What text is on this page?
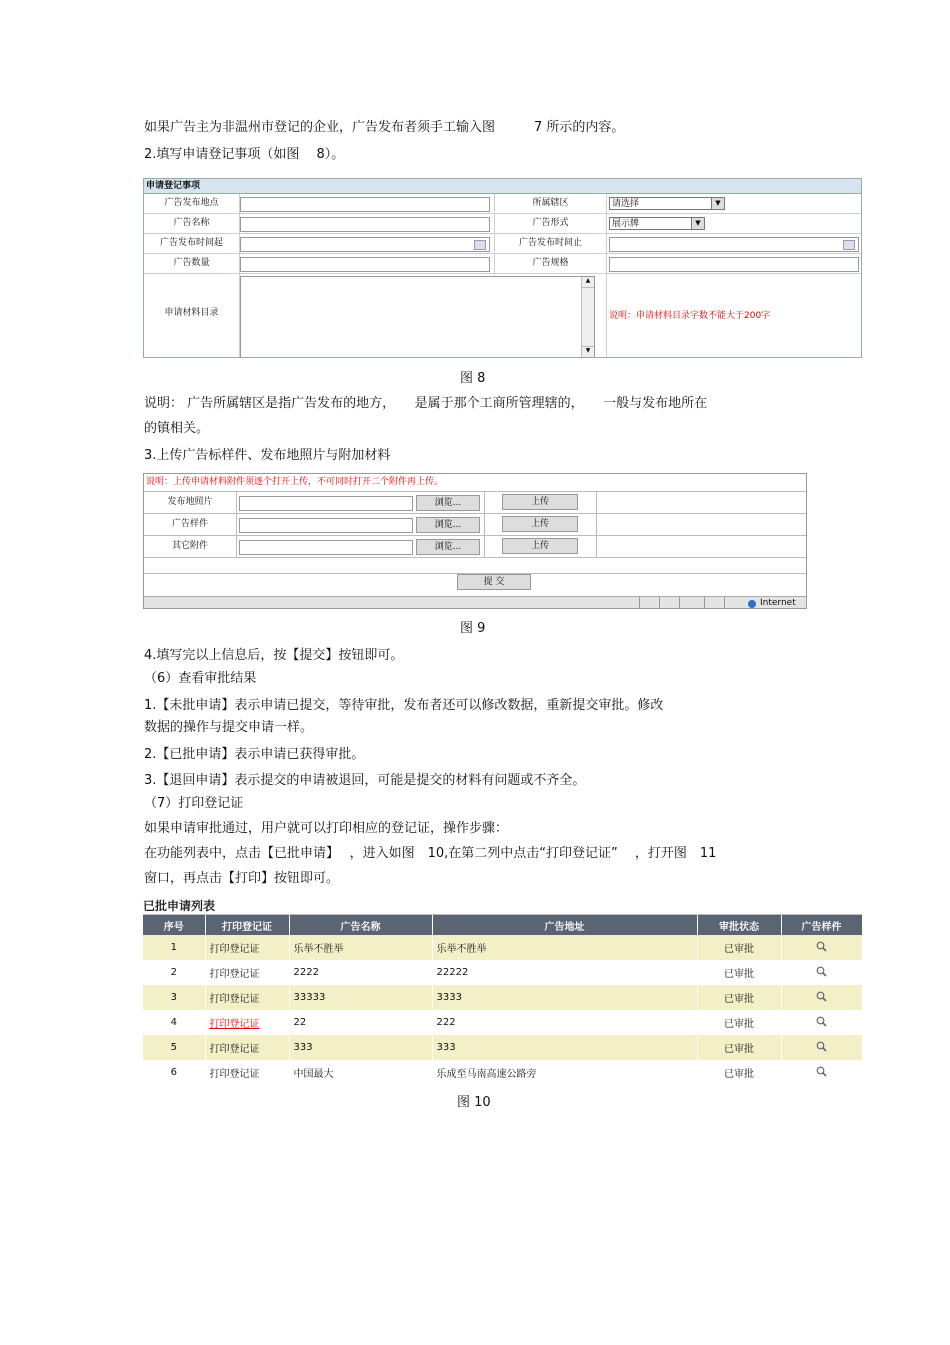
如果广告主为非温州市登记的企业，广告发布者须手工输入图　　　7 所示的内容。
2.填写申请登记事项（如图　 8）。
申请登记事项
广告发布地点	所属辖区	请选择	▼
广告名称	广告形式	展示牌	▼
广告发布时间起	广告发布时间止
广告数量	广告规格
申请材料目录
▲
▼
说明：申请材料目录字数不能大于200字
图 8
说明： 广告所属辖区是指广告发布的地方，　　是属于那个工商所管理辖的，　　一般与发布地所在
的镇相关。
3.上传广告标样件、发布地照片与附加材料
说明：上传申请材料附件须逐个打开上传，不可同时打开二个附件再上传。
发布地照片	浏览...	上传
广告样件	浏览...	上传
其它附件	浏览...	上传
提 交
Internet
图 9
4.填写完以上信息后，按【提交】按钮即可。
（6）查看审批结果
1.【未批申请】表示申请已提交，等待审批，发布者还可以修改数据，重新提交审批。修改
数据的操作与提交申请一样。
2.【已批申请】表示申请已获得审批。
3.【退回申请】表示提交的申请被退回，可能是提交的材料有问题或不齐全。
（7）打印登记证
如果申请审批通过，用户就可以打印相应的登记证，操作步骤：
在功能列表中，点击【已批申请】　 ，进入如图　10,在第二列中点击“打印登记证”　 ，打开图　11
窗口，再点击【打印】按钮即可。
已批申请列表
序号	打印登记证	广告名称	广告地址	审批状态	广告样件
1	打印登记证	乐举不胜举	乐举不胜举	已审批	
2	打印登记证	2222	22222	已审批	
3	打印登记证	33333	3333	已审批	
4	打印登记证	22	222	已审批	
5	打印登记证	333	333	已审批	
6	打印登记证	中国最大	乐成至马南高速公路旁	已审批	
图 10
